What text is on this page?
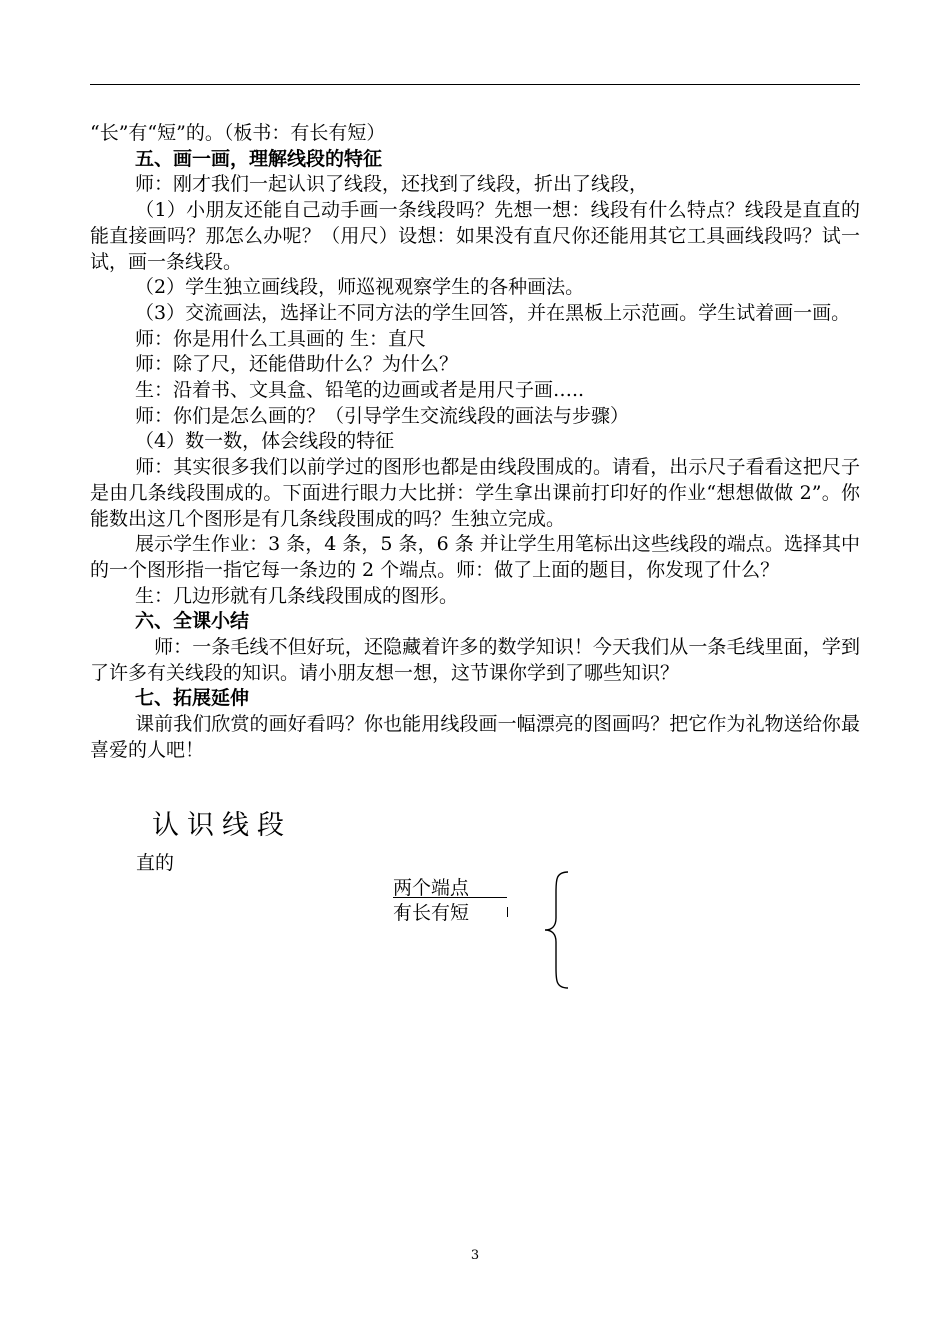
“长”有“短”的。（板书：有长有短）

五、画一画，理解线段的特征

师：刚才我们一起认识了线段，还找到了线段，折出了线段，

（1）小朋友还能自己动手画一条线段吗？先想一想：线段有什么特点？线段是直直的能直接画吗？那怎么办呢？（用尺）设想：如果没有直尺你还能用其它工具画线段吗？试一试，画一条线段。

（2）学生独立画线段，师巡视观察学生的各种画法。

（3）交流画法，选择让不同方法的学生回答，并在黑板上示范画。学生试着画一画。

师：你是用什么工具画的 生：直尺

师：除了尺，还能借助什么？为什么？

生：沿着书、文具盒、铅笔的边画或者是用尺子画…..

师：你们是怎么画的？（引导学生交流线段的画法与步骤）

（4）数一数，体会线段的特征

师：其实很多我们以前学过的图形也都是由线段围成的。请看，出示尺子看看这把尺子是由几条线段围成的。下面进行眼力大比拼：学生拿出课前打印好的作业“想想做做 2”。你能数出这几个图形是有几条线段围成的吗？生独立完成。

展示学生作业：3 条，4 条，5 条，6 条 并让学生用笔标出这些线段的端点。选择其中的一个图形指一指它每一条边的 2 个端点。师：做了上面的题目，你发现了什么？

生：几边形就有几条线段围成的图形。

六、全课小结

师：一条毛线不但好玩，还隐藏着许多的数学知识！今天我们从一条毛线里面，学到了许多有关线段的知识。请小朋友想一想，这节课你学到了哪些知识？

七、拓展延伸

课前我们欣赏的画好看吗？你也能用线段画一幅漂亮的图画吗？把它作为礼物送给你最喜爱的人吧！

认识线段
直的
两个端点
有长有短
3
